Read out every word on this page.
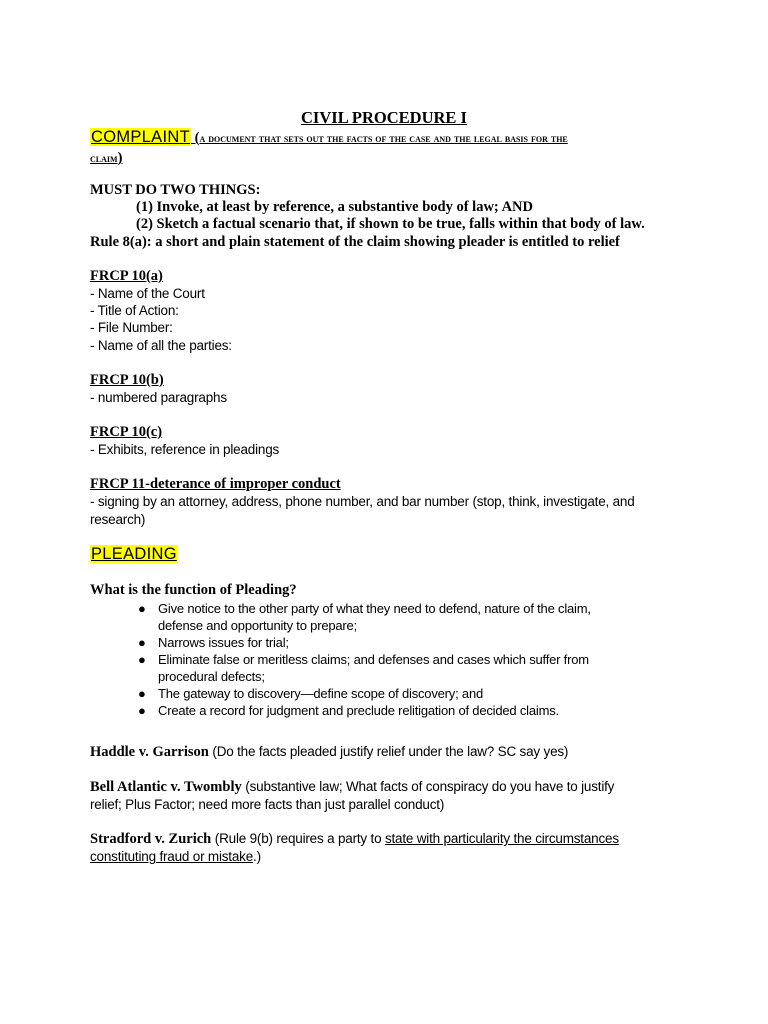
CIVIL PROCEDURE I
COMPLAINT (a document that sets out the facts of the case and the legal basis for the
claim)
MUST DO TWO THINGS:
(1) Invoke, at least by reference, a substantive body of law; AND
(2) Sketch a factual scenario that, if shown to be true, falls within that body of law.
Rule 8(a): a short and plain statement of the claim showing pleader is entitled to relief
FRCP 10(a)
- Name of the Court
- Title of Action:
- File Number:
- Name of all the parties:
FRCP 10(b)
- numbered paragraphs
FRCP 10(c)
- Exhibits, reference in pleadings
FRCP 11-deterance of improper conduct
- signing by an attorney, address, phone number, and bar number (stop, think, investigate, and
research)
PLEADING
What is the function of Pleading?
● Give notice to the other party of what they need to defend, nature of the claim,
defense and opportunity to prepare;
● Narrows issues for trial;
● Eliminate false or meritless claims; and defenses and cases which suffer from
procedural defects;
● The gateway to discovery—define scope of discovery; and
● Create a record for judgment and preclude relitigation of decided claims.
Haddle v. Garrison (Do the facts pleaded justify relief under the law? SC say yes)
Bell Atlantic v. Twombly (substantive law; What facts of conspiracy do you have to justify
relief; Plus Factor; need more facts than just parallel conduct)
Stradford v. Zurich (Rule 9(b) requires a party to state with particularity the circumstances
constituting fraud or mistake.)
